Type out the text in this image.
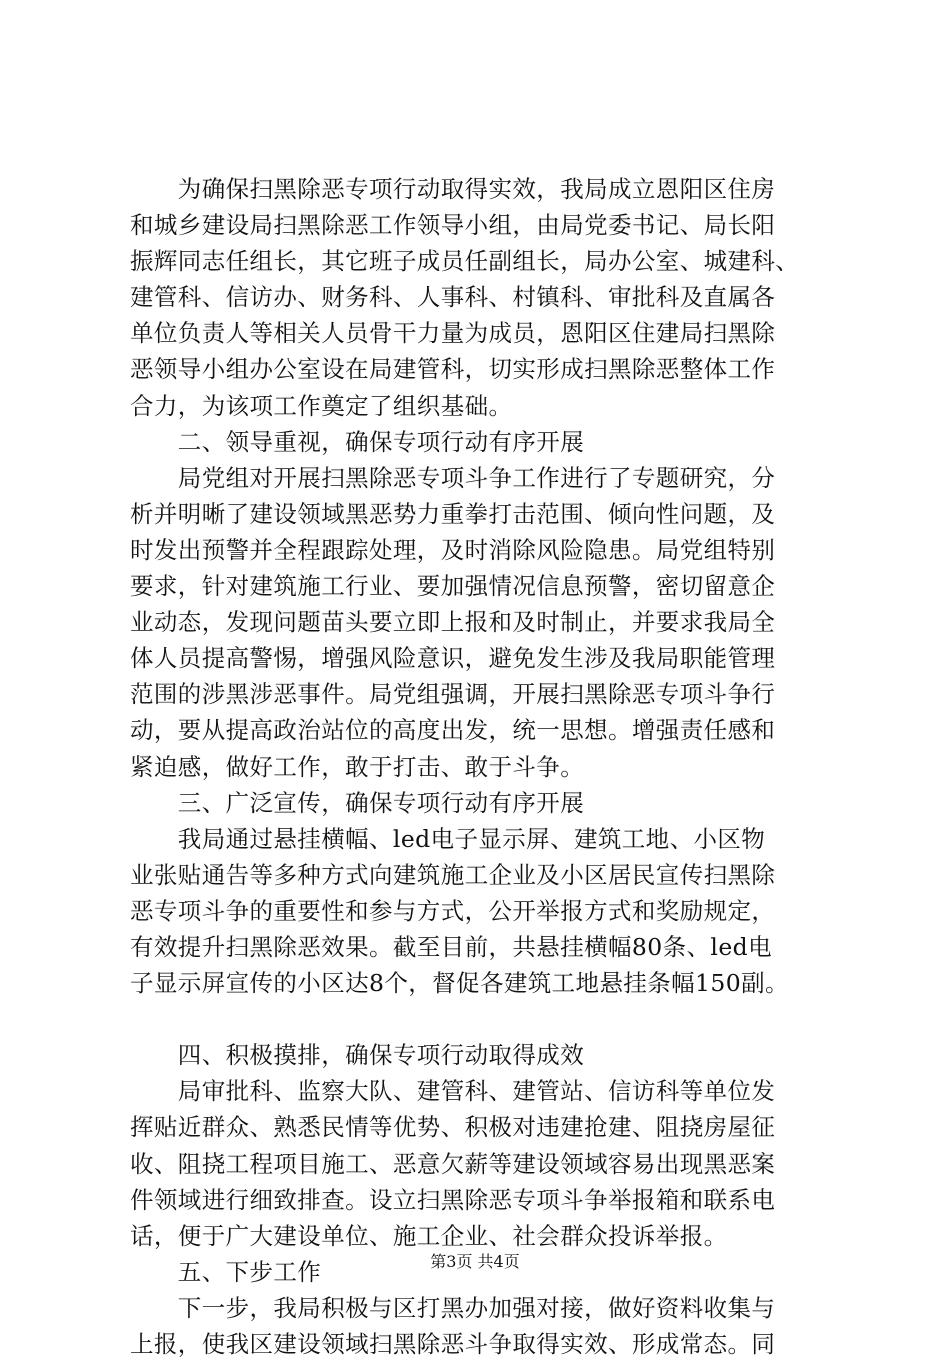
　　为确保扫黑除恶专项行动取得实效，我局成立恩阳区住房
和城乡建设局扫黑除恶工作领导小组，由局党委书记、局长阳
振辉同志任组长，其它班子成员任副组长，局办公室、城建科、
建管科、信访办、财务科、人事科、村镇科、审批科及直属各
单位负责人等相关人员骨干力量为成员，恩阳区住建局扫黑除
恶领导小组办公室设在局建管科，切实形成扫黑除恶整体工作
合力，为该项工作奠定了组织基础。
　　二、领导重视，确保专项行动有序开展
　　局党组对开展扫黑除恶专项斗争工作进行了专题研究，分
析并明晰了建设领域黑恶势力重拳打击范围、倾向性问题，及
时发出预警并全程跟踪处理，及时消除风险隐患。局党组特别
要求，针对建筑施工行业、要加强情况信息预警，密切留意企
业动态，发现问题苗头要立即上报和及时制止，并要求我局全
体人员提高警惕，增强风险意识，避免发生涉及我局职能管理
范围的涉黑涉恶事件。局党组强调，开展扫黑除恶专项斗争行
动，要从提高政治站位的高度出发，统一思想。增强责任感和
紧迫感，做好工作，敢于打击、敢于斗争。
　　三、广泛宣传，确保专项行动有序开展
　　我局通过悬挂横幅、led电子显示屏、建筑工地、小区物
业张贴通告等多种方式向建筑施工企业及小区居民宣传扫黑除
恶专项斗争的重要性和参与方式，公开举报方式和奖励规定，
有效提升扫黑除恶效果。截至目前，共悬挂横幅80条、led电
子显示屏宣传的小区达8个，督促各建筑工地悬挂条幅150副。
　　四、积极摸排，确保专项行动取得成效
　　局审批科、监察大队、建管科、建管站、信访科等单位发
挥贴近群众、熟悉民情等优势、积极对违建抢建、阻挠房屋征
收、阻挠工程项目施工、恶意欠薪等建设领域容易出现黑恶案
件领域进行细致排查。设立扫黑除恶专项斗争举报箱和联系电
话，便于广大建设单位、施工企业、社会群众投诉举报。
　　五、下步工作
　　下一步，我局积极与区打黑办加强对接，做好资料收集与
上报，使我区建设领域扫黑除恶斗争取得实效、形成常态。同
第3页 共4页
